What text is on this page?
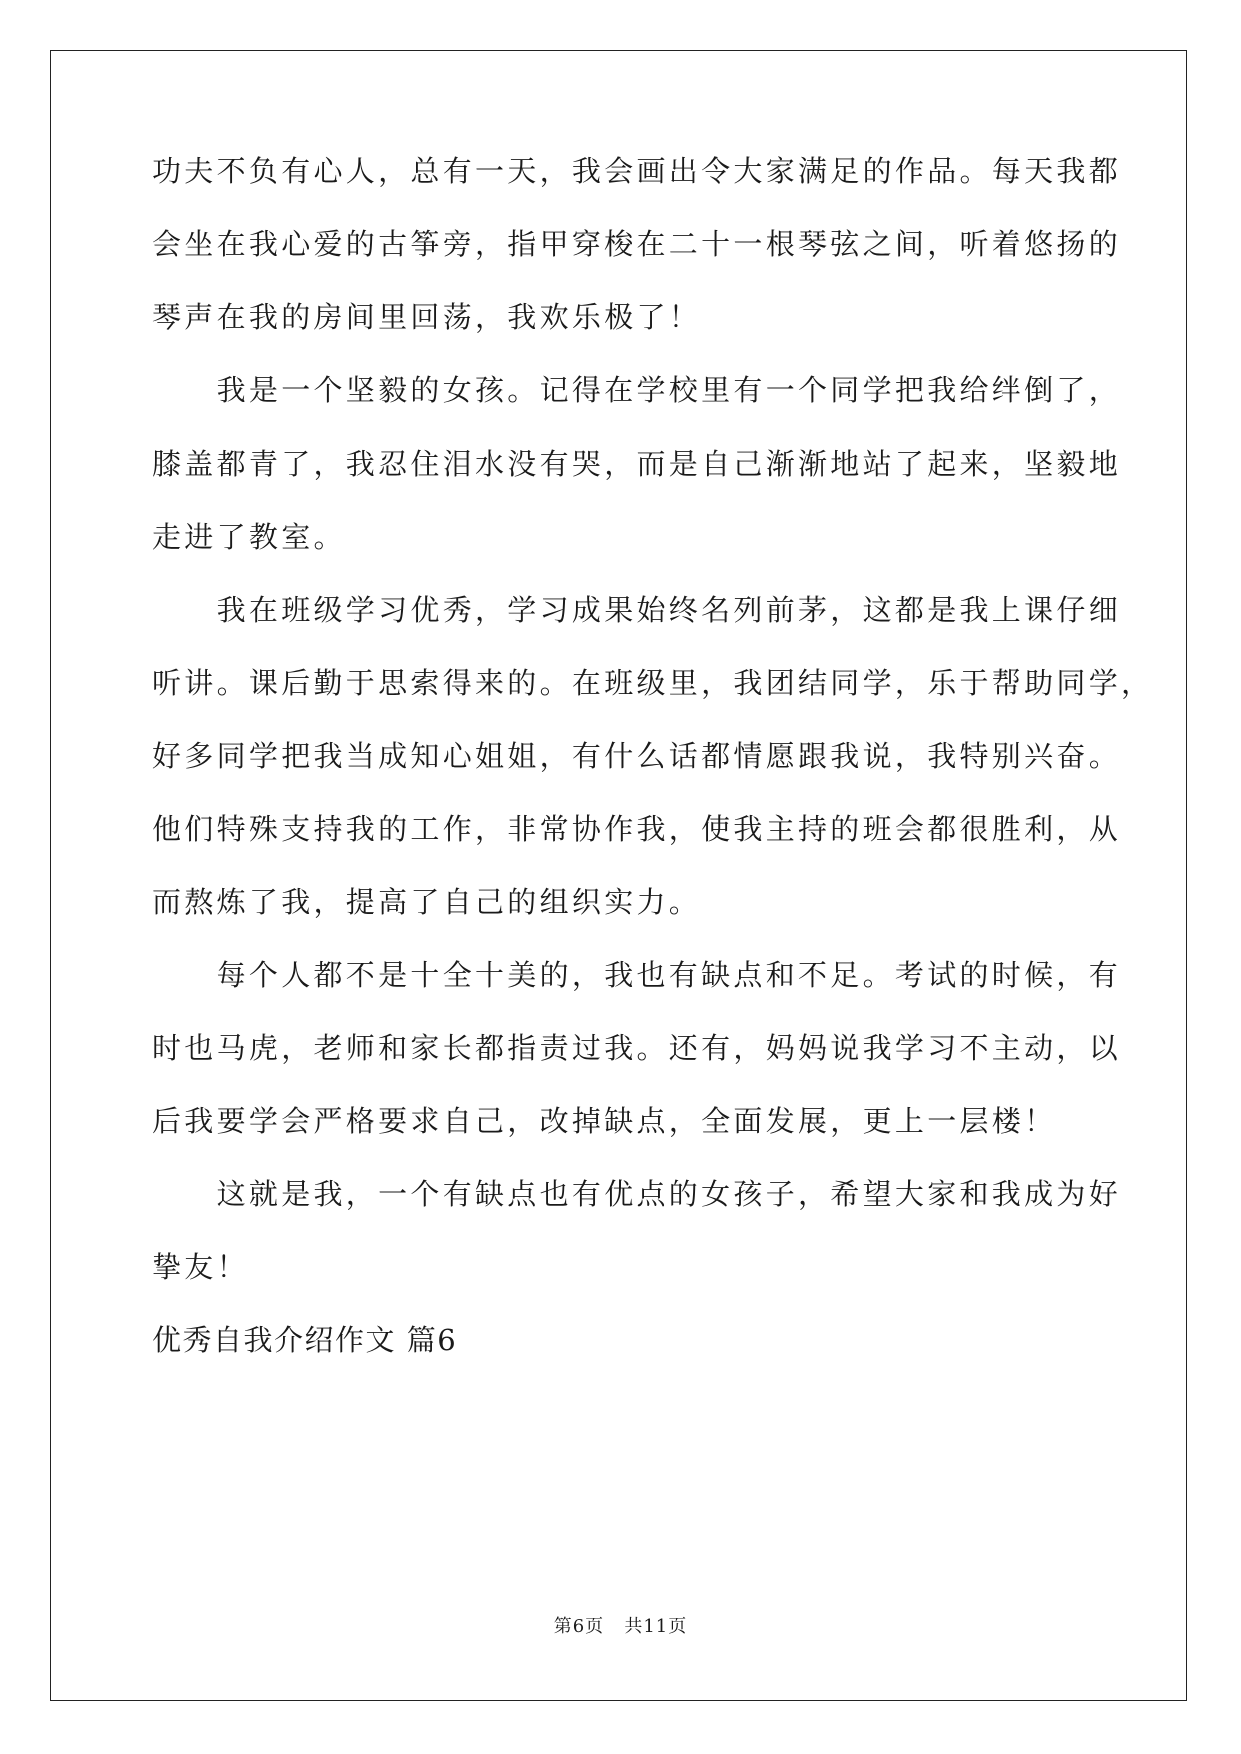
功夫不负有心人，总有一天，我会画出令大家满足的作品。每天我都
会坐在我心爱的古筝旁，指甲穿梭在二十一根琴弦之间，听着悠扬的
琴声在我的房间里回荡，我欢乐极了！
　　我是一个坚毅的女孩。记得在学校里有一个同学把我给绊倒了，
膝盖都青了，我忍住泪水没有哭，而是自己渐渐地站了起来，坚毅地
走进了教室。
　　我在班级学习优秀，学习成果始终名列前茅，这都是我上课仔细
听讲。课后勤于思索得来的。在班级里，我团结同学，乐于帮助同学，
好多同学把我当成知心姐姐，有什么话都情愿跟我说，我特别兴奋。
他们特殊支持我的工作，非常协作我，使我主持的班会都很胜利，从
而熬炼了我，提高了自己的组织实力。
　　每个人都不是十全十美的，我也有缺点和不足。考试的时候，有
时也马虎，老师和家长都指责过我。还有，妈妈说我学习不主动，以
后我要学会严格要求自己，改掉缺点，全面发展，更上一层楼！
　　这就是我，一个有缺点也有优点的女孩子，希望大家和我成为好
挚友！
优秀自我介绍作文 篇6
第6页 共11页
